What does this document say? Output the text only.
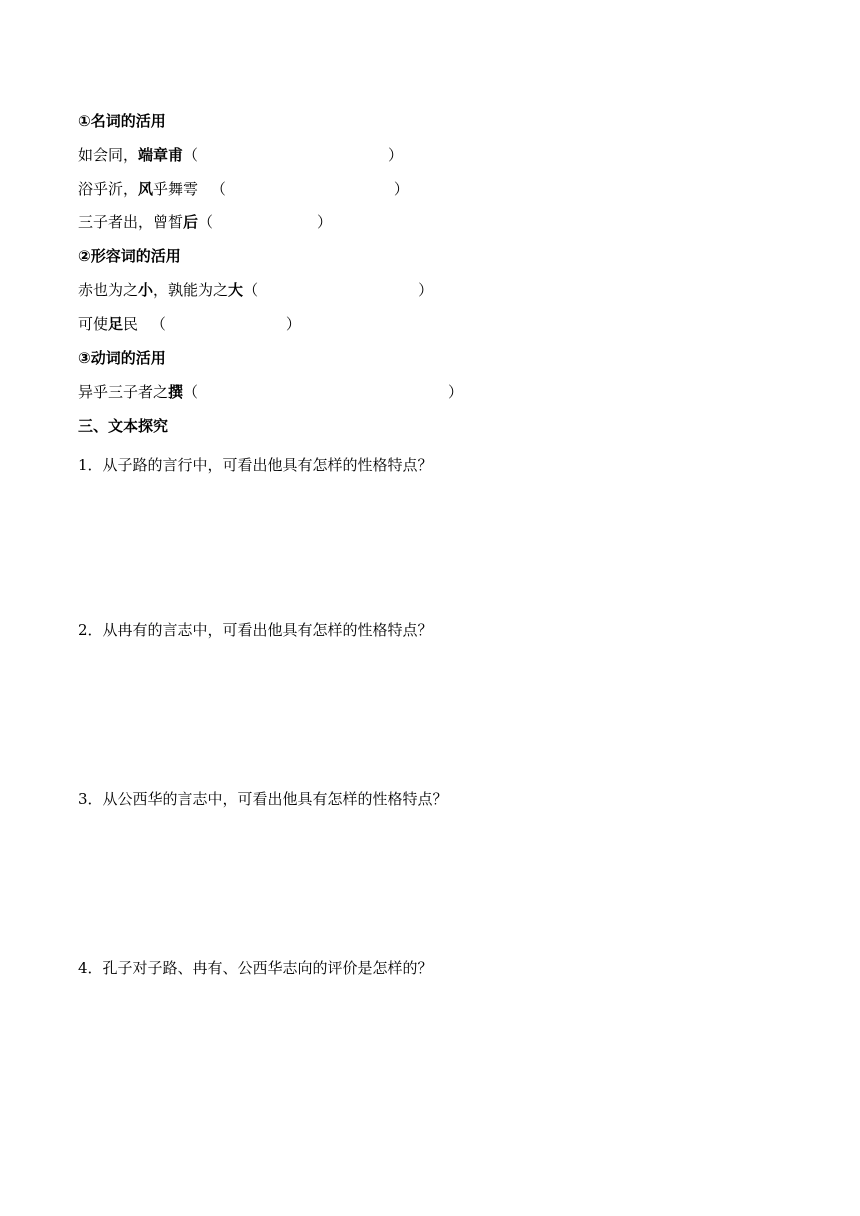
①名词的活用
如会同，端章甫（	）
浴乎沂，风乎舞雩 （	）
三子者出，曾皙后（	）
②形容词的活用
赤也为之小，孰能为之大（	）
可使足民 （	）
③动词的活用
异乎三子者之撰（	）
三、文本探究
1．从子路的言行中，可看出他具有怎样的性格特点？
2．从冉有的言志中，可看出他具有怎样的性格特点？
3．从公西华的言志中，可看出他具有怎样的性格特点？
4．孔子对子路、冉有、公西华志向的评价是怎样的？
